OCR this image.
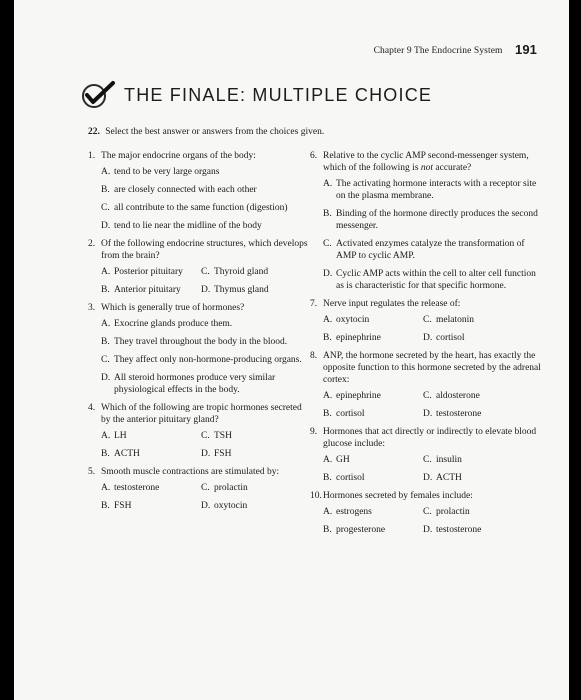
Chapter 9 The Endocrine System 191
THE FINALE: MULTIPLE CHOICE
22. Select the best answer or answers from the choices given.
1. The major endocrine organs of the body:
A. tend to be very large organs
B. are closely connected with each other
C. all contribute to the same function (digestion)
D. tend to lie near the midline of the body
2. Of the following endocrine structures, which develops from the brain?
A. Posterior pituitary	C. Thyroid gland
B. Anterior pituitary	D. Thymus gland
3. Which is generally true of hormones?
A. Exocrine glands produce them.
B. They travel throughout the body in the blood.
C. They affect only non-hormone-producing organs.
D. All steroid hormones produce very similar physiological effects in the body.
4. Which of the following are tropic hormones secreted by the anterior pituitary gland?
A. LH	C. TSH
B. ACTH	D. FSH
5. Smooth muscle contractions are stimulated by:
A. testosterone	C. prolactin
B. FSH	D. oxytocin
6. Relative to the cyclic AMP second-messenger system, which of the following is not accurate?
A. The activating hormone interacts with a receptor site on the plasma membrane.
B. Binding of the hormone directly produces the second messenger.
C. Activated enzymes catalyze the transformation of AMP to cyclic AMP.
D. Cyclic AMP acts within the cell to alter cell function as is characteristic for that specific hormone.
7. Nerve input regulates the release of:
A. oxytocin	C. melatonin
B. epinephrine	D. cortisol
8. ANP, the hormone secreted by the heart, has exactly the opposite function to this hormone secreted by the adrenal cortex:
A. epinephrine	C. aldosterone
B. cortisol	D. testosterone
9. Hormones that act directly or indirectly to elevate blood glucose include:
A. GH	C. insulin
B. cortisol	D. ACTH
10. Hormones secreted by females include:
A. estrogens	C. prolactin
B. progesterone	D. testosterone
